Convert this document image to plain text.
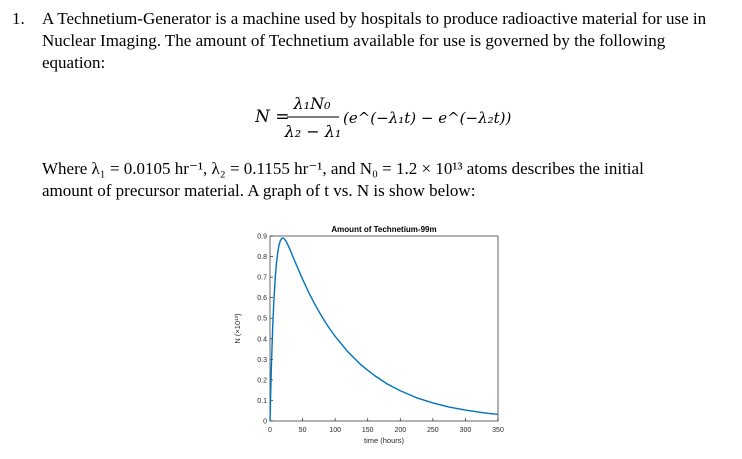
1. A Technetium-Generator is a machine used by hospitals to produce radioactive material for use in Nuclear Imaging. The amount of Technetium available for use is governed by the following equation:
N =
λ₁N₀
λ₂ − λ₁
(e^(−λ₁t) − e^(−λ₂t))
Where λ₁ = 0.0105 hr⁻¹, λ₂ = 0.1155 hr⁻¹, and N₀ = 1.2 × 10¹³ atoms describes the initial
amount of precursor material. A graph of t vs. N is show below:
0	50	100	150	200	250	300	350
0
0.1
0.2
0.3
0.4
0.5
0.6
0.7
0.8
0.9
Amount of Technetium-99m
time (hours)
N (×10¹³)
